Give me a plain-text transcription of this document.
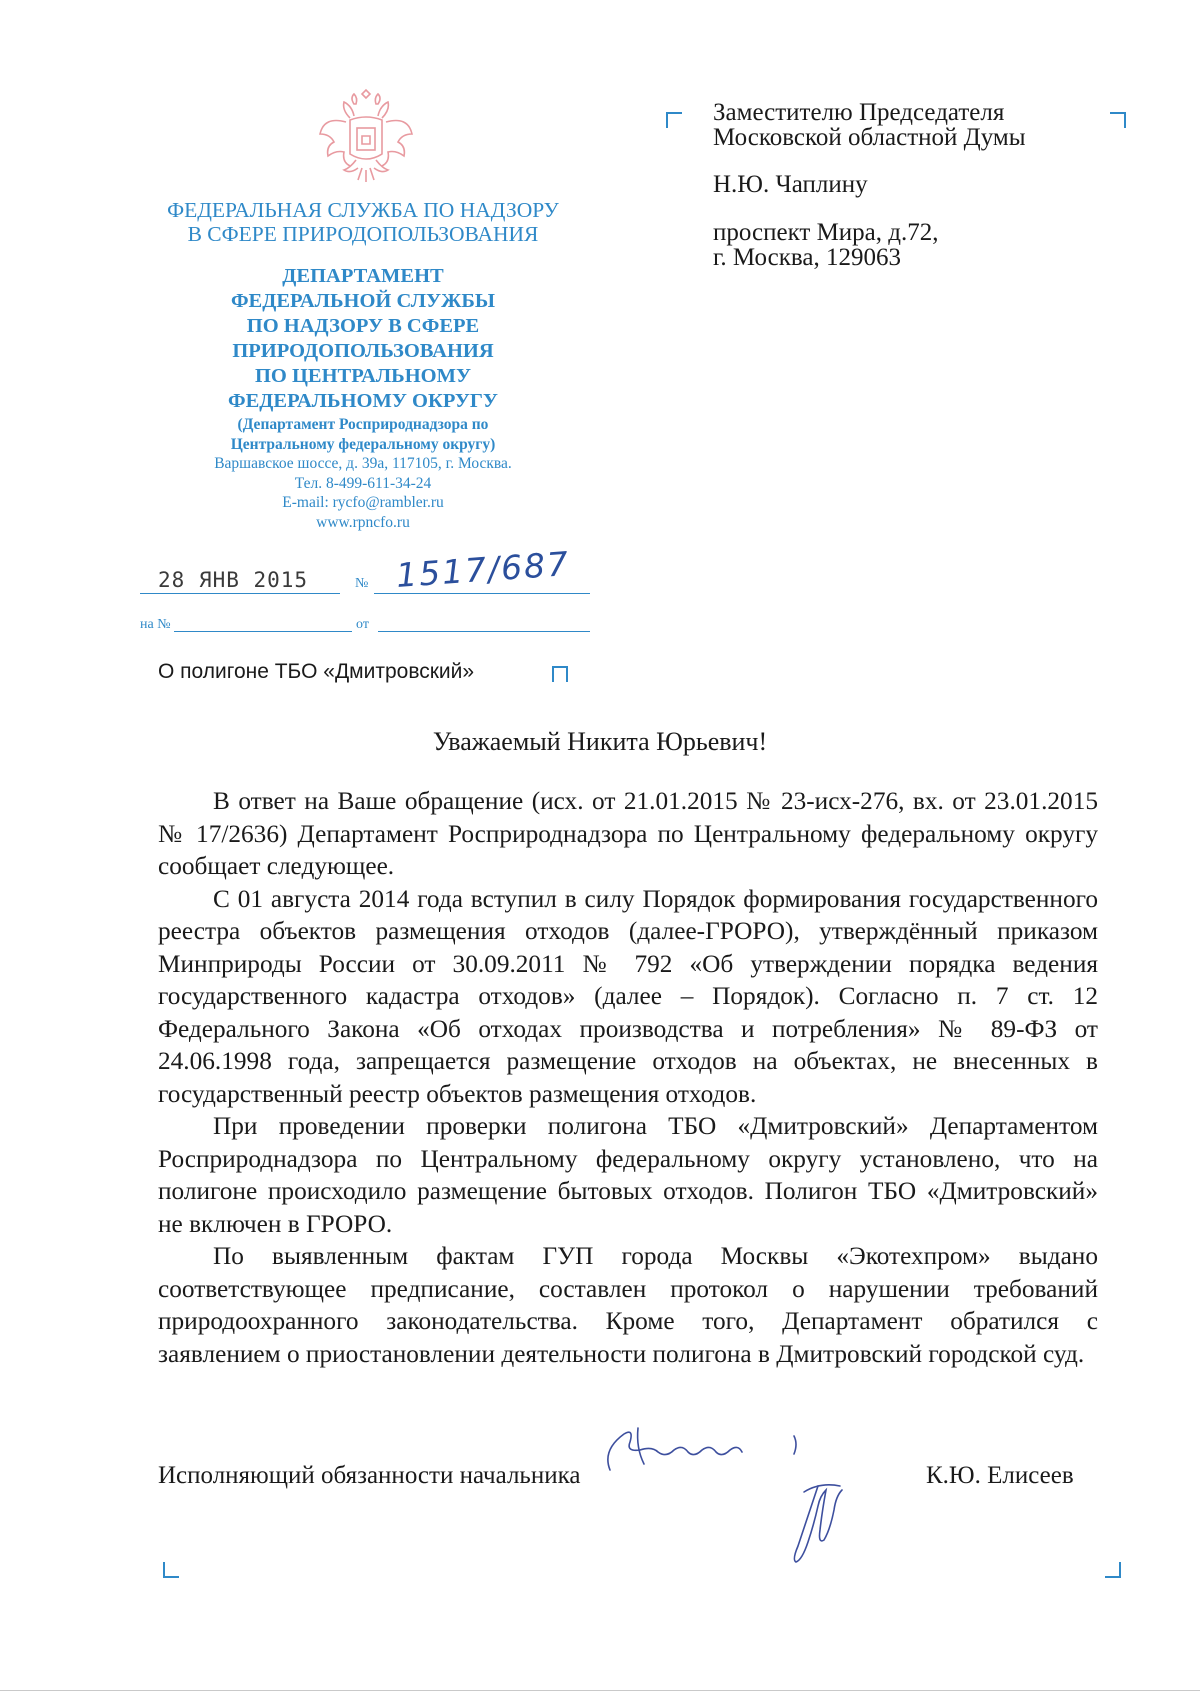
ФЕДЕРАЛЬНАЯ СЛУЖБА ПО НАДЗОРУ
В СФЕРЕ ПРИРОДОПОЛЬЗОВАНИЯ
ДЕПАРТАМЕНТ
ФЕДЕРАЛЬНОЙ СЛУЖБЫ
ПО НАДЗОРУ В СФЕРЕ
ПРИРОДОПОЛЬЗОВАНИЯ
ПО ЦЕНТРАЛЬНОМУ
ФЕДЕРАЛЬНОМУ ОКРУГУ
(Департамент Росприроднадзора по
Центральному федеральному округу)
Варшавское шоссе, д. 39а, 117105, г. Москва.
Тел. 8-499-611-34-24
E-mail: rycfo@rambler.ru
www.rpncfo.ru
28 ЯНВ 2015	№ 1517/687
на №	от
Заместителю Председателя
Московской областной Думы
Н.Ю. Чаплину
проспект Мира, д.72,
г. Москва, 129063
О полигоне ТБО «Дмитровский»
Уважаемый Никита Юрьевич!

В ответ на Ваше обращение (исх. от 21.01.2015 № 23-исх-276, вх. от 23.01.2015 № 17/2636) Департамент Росприроднадзора по Центральному федеральному округу сообщает следующее.

С 01 августа 2014 года вступил в силу Порядок формирования государственного реестра объектов размещения отходов (далее-ГРОРО), утверждённый приказом Минприроды России от 30.09.2011 № 792 «Об утверждении порядка ведения государственного кадастра отходов» (далее – Порядок). Согласно п. 7 ст. 12 Федерального Закона «Об отходах производства и потребления» № 89-ФЗ от 24.06.1998 года, запрещается размещение отходов на объектах, не внесенных в государственный реестр объектов размещения отходов.

При проведении проверки полигона ТБО «Дмитровский» Департаментом Росприроднадзора по Центральному федеральному округу установлено, что на полигоне происходило размещение бытовых отходов. Полигон ТБО «Дмитровский» не включен в ГРОРО.

По выявленным фактам ГУП города Москвы «Экотехпром» выдано соответствующее предписание, составлен протокол о нарушении требований природоохранного законодательства. Кроме того, Департамент обратился с заявлением о приостановлении деятельности полигона в Дмитровский городской суд.

Исполняющий обязанности начальника	К.Ю. Елисеев
